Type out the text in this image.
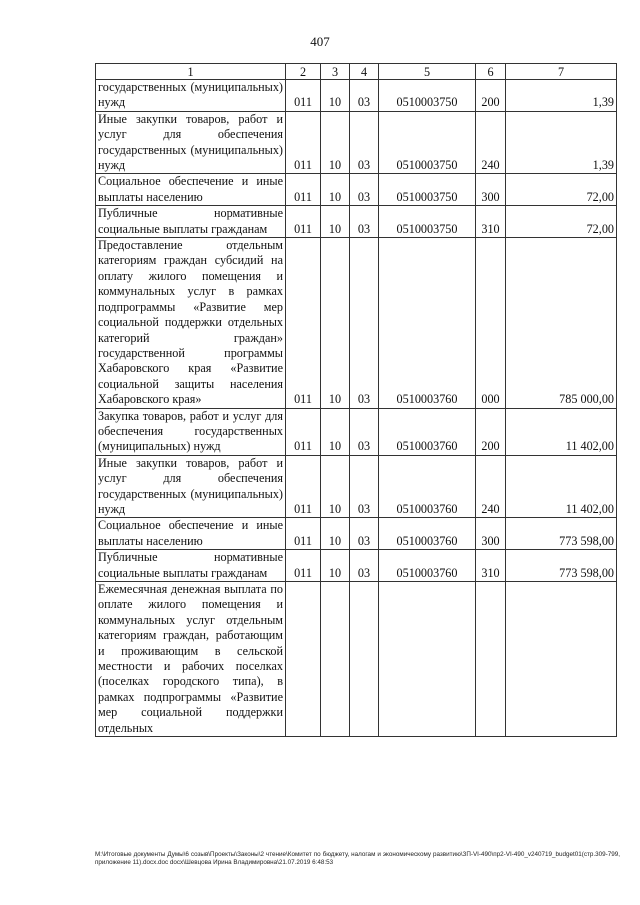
407
1	2	3	4	5	6	7
государственных (муниципальных) нужд	011	10	03	0510003750	200	1,39
Иные закупки товаров, работ и услуг для обеспечения государственных (муниципальных) нужд	011	10	03	0510003750	240	1,39
Социальное обеспечение и иные выплаты населению	011	10	03	0510003750	300	72,00
Публичные нормативные социальные выплаты гражданам	011	10	03	0510003750	310	72,00
Предоставление отдельным категориям граждан субсидий на оплату жилого помещения и коммунальных услуг в рамках подпрограммы «Развитие мер социальной поддержки отдельных категорий граждан» государственной программы Хабаровского края «Развитие социальной защиты населения Хабаровского края»	011	10	03	0510003760	000	785 000,00
Закупка товаров, работ и услуг для обеспечения государственных (муниципальных) нужд	011	10	03	0510003760	200	11 402,00
Иные закупки товаров, работ и услуг для обеспечения государственных (муниципальных) нужд	011	10	03	0510003760	240	11 402,00
Социальное обеспечение и иные выплаты населению	011	10	03	0510003760	300	773 598,00
Публичные нормативные социальные выплаты гражданам	011	10	03	0510003760	310	773 598,00
Ежемесячная денежная выплата по оплате жилого помещения и коммунальных услуг отдельным категориям граждан, работающим и проживающим в сельской местности и рабочих поселках (поселках городского типа), в рамках подпрограммы «Развитие мер социальной поддержки отдельных						
M:\Итоговые документы Думы\6 созыв\Проекты\Законы\2 чтение\Комитет по бюджету, налогам и экономическому развитию\ЗП-VI-490\пр2-VI-490_v240719_budget01(стр.309-799, приложение 11).docx.doc docx\Шевцова Ирина Владимировна\21.07.2019 6:48:53
